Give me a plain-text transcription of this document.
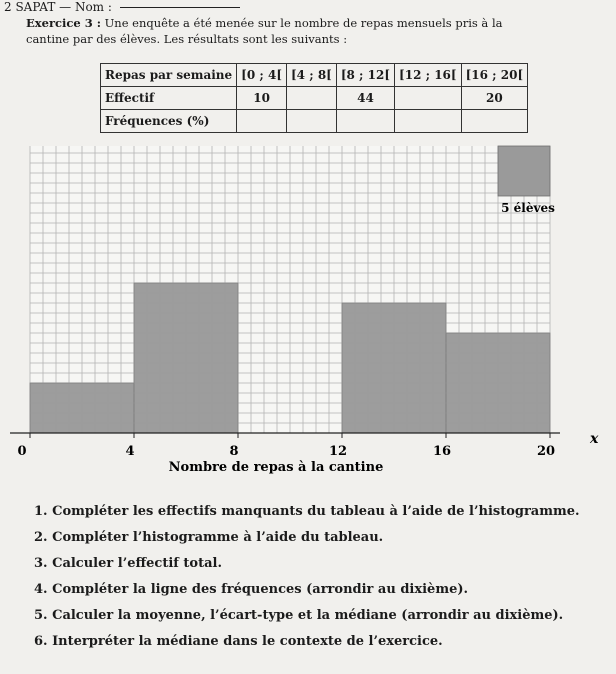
2 SAPAT — Nom :
Exercice 3 : Une enquête a été menée sur le nombre de repas mensuels pris à la
cantine par des élèves. Les résultats sont les suivants :
Repas par semaine	[0 ; 4[	[4 ; 8[	[8 ; 12[	[12 ; 16[	[16 ; 20[
Effectif	10		44		20
Fréquences (%)					
5 élèves
0	4	8	12	16	20
x
Nombre de repas à la cantine
1. Compléter les effectifs manquants du tableau à l’aide de l’histogramme.
2. Compléter l’histogramme à l’aide du tableau.
3. Calculer l’effectif total.
4. Compléter la ligne des fréquences (arrondir au dixième).
5. Calculer la moyenne, l’écart-type et la médiane (arrondir au dixième).
6. Interpréter la médiane dans le contexte de l’exercice.
